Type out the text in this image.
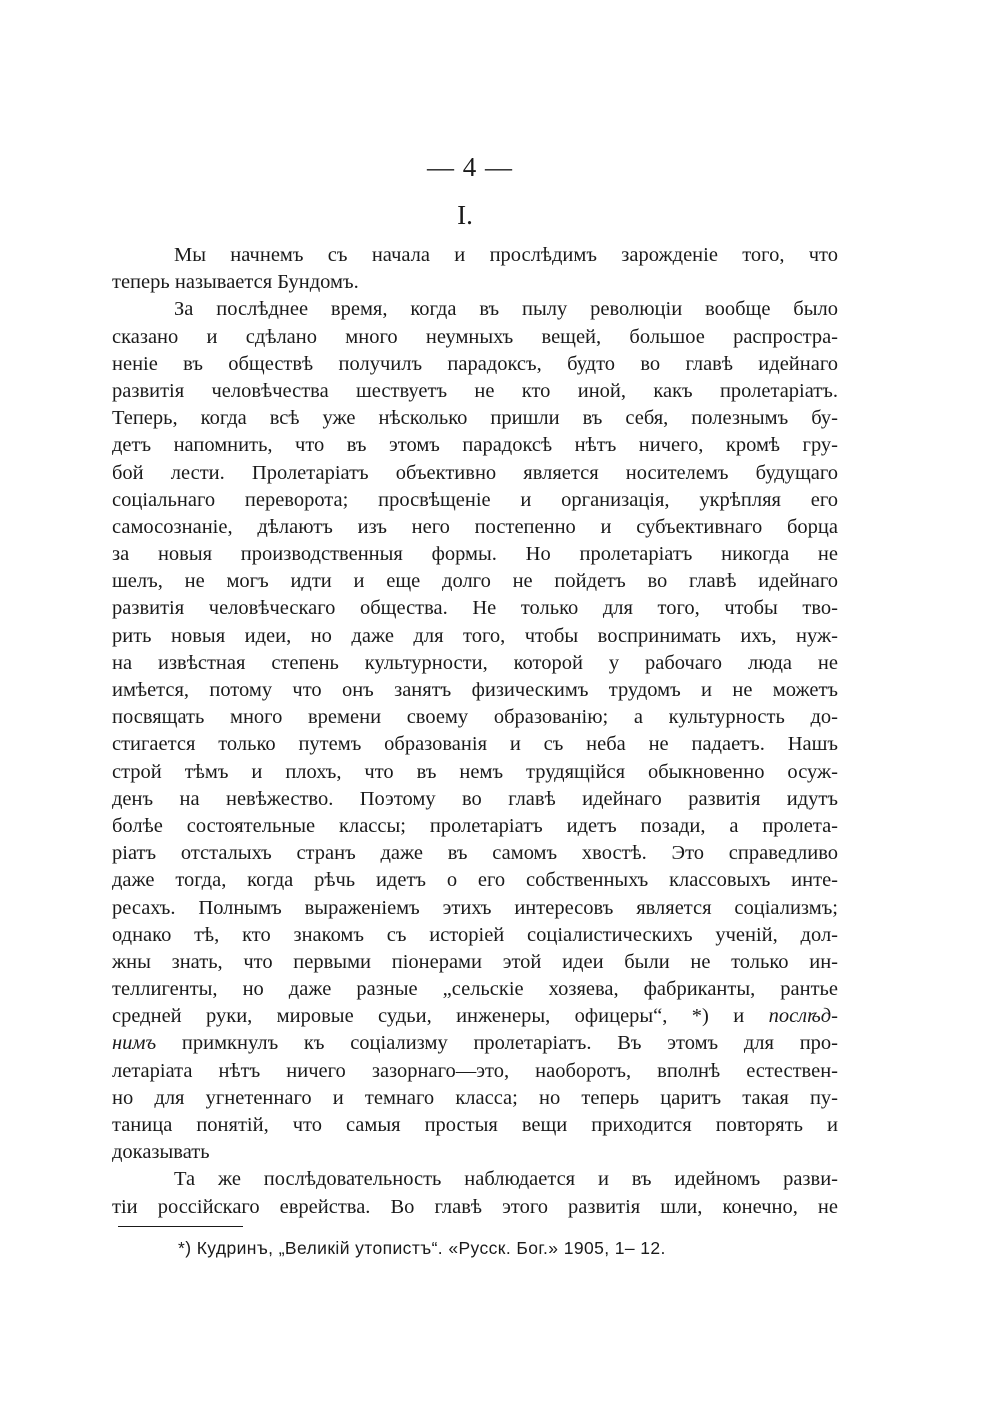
— 4 —
I.
Мы начнемъ съ начала и прослѣдимъ зарожденіе того, что
теперь называется Бундомъ.
За послѣднее время, когда въ пылу революціи вообще было
сказано и сдѣлано много неумныхъ вещей, большое распростра-
неніе въ обществѣ получилъ парадоксъ, будто во главѣ идейнаго
развитія человѣчества шествуетъ не кто иной, какъ пролетаріатъ.
Теперь, когда всѣ уже нѣсколько пришли въ себя, полезнымъ бу-
детъ напомнить, что въ этомъ парадоксѣ нѣтъ ничего, кромѣ гру-
бой лести. Пролетаріатъ объективно является носителемъ будущаго
соціальнаго переворота; просвѣщеніе и организація, укрѣпляя его
самосознаніе, дѣлаютъ изъ него постепенно и субъективнаго борца
за новыя производственныя формы. Но пролетаріатъ никогда не
шелъ, не могъ идти и еще долго не пойдетъ во главѣ идейнаго
развитія человѣческаго общества. Не только для того, чтобы тво-
рить новыя идеи, но даже для того, чтобы воспринимать ихъ, нуж-
на извѣстная степень культурности, которой у рабочаго люда не
имѣется, потому что онъ занятъ физическимъ трудомъ и не можетъ
посвящать много времени своему образованію; а культурность до-
стигается только путемъ образованія и съ неба не падаетъ. Нашъ
строй тѣмъ и плохъ, что въ немъ трудящійся обыкновенно осуж-
денъ на невѣжество. Поэтому во главѣ идейнаго развитія идутъ
болѣе состоятельные классы; пролетаріатъ идетъ позади, а пролета-
ріатъ отсталыхъ странъ даже въ самомъ хвостѣ. Это справедливо
даже тогда, когда рѣчь идетъ о его собственныхъ классовыхъ инте-
ресахъ. Полнымъ выраженіемъ этихъ интересовъ является соціализмъ;
однако тѣ, кто знакомъ съ исторіей соціалистическихъ ученій, дол-
жны знать, что первыми піонерами этой идеи были не только ин-
теллигенты, но даже разные „сельскіе хозяева, фабриканты, рантье
средней руки, мировые судьи, инженеры, офицеры“, *) и послѣд-
нимъ примкнулъ къ соціализму пролетаріатъ. Въ этомъ для про-
летаріата нѣтъ ничего зазорнаго—это, наоборотъ, вполнѣ естествен-
но для угнетеннаго и темнаго класса; но теперь царитъ такая пу-
таница понятій, что самыя простыя вещи приходится повторять и
доказывать
Та же послѣдовательность наблюдается и въ идейномъ разви-
тіи россійскаго еврейства. Во главѣ этого развитія шли, конечно, не
*) Кудринъ, „Великій утопистъ“. «Русск. Бог.» 1905, 1– 12.
